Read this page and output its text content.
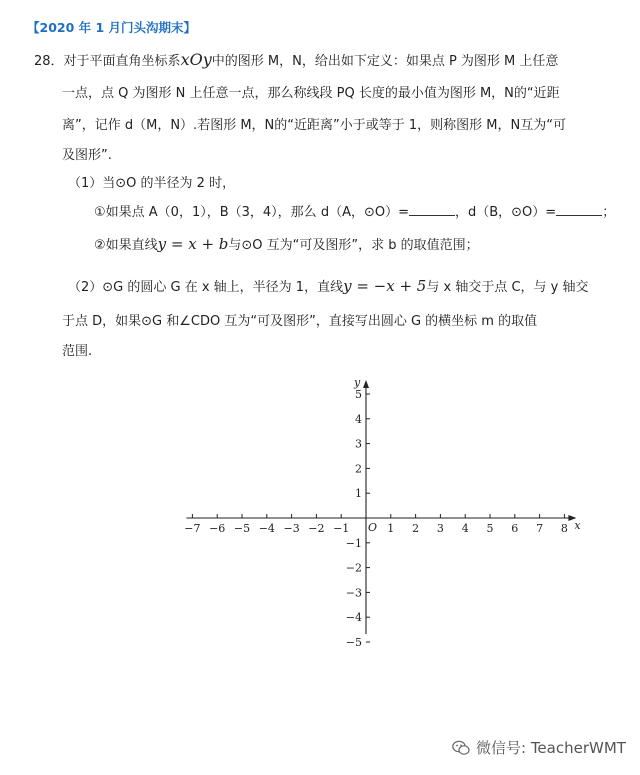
【2020 年 1 月门头沟期末】
28．对于平面直角坐标系xOy中的图形 M，N，给出如下定义：如果点 P 为图形 M 上任意
一点，点 Q 为图形 N 上任意一点，那么称线段 PQ 长度的最小值为图形 M，N的“近距
离”，记作 d（M，N）.若图形 M，N的“近距离”小于或等于 1，则称图形 M，N互为“可
及图形”.
（1）当⊙O 的半径为 2 时，
①如果点 A（0，1），B（3，4），那么 d（A，⊙O）=	，d（B，⊙O）=	；
②如果直线y = x + b与⊙O 互为“可及图形”，求 b 的取值范围；
（2）⊙G 的圆心 G 在 x 轴上，半径为 1，直线y = −x + 5与 x 轴交于点 C，与 y 轴交
于点 D，如果⊙G 和∠CDO 互为“可及图形”，直接写出圆心 G 的横坐标 m 的取值
范围.
x
y
O
−7 −6 −5 −4 −3 −2 −1	1 2 3 4 5 6 7 8
5
4
3
2
1
−1
−2
−3
−4
−5
微信号: TeacherWMT
